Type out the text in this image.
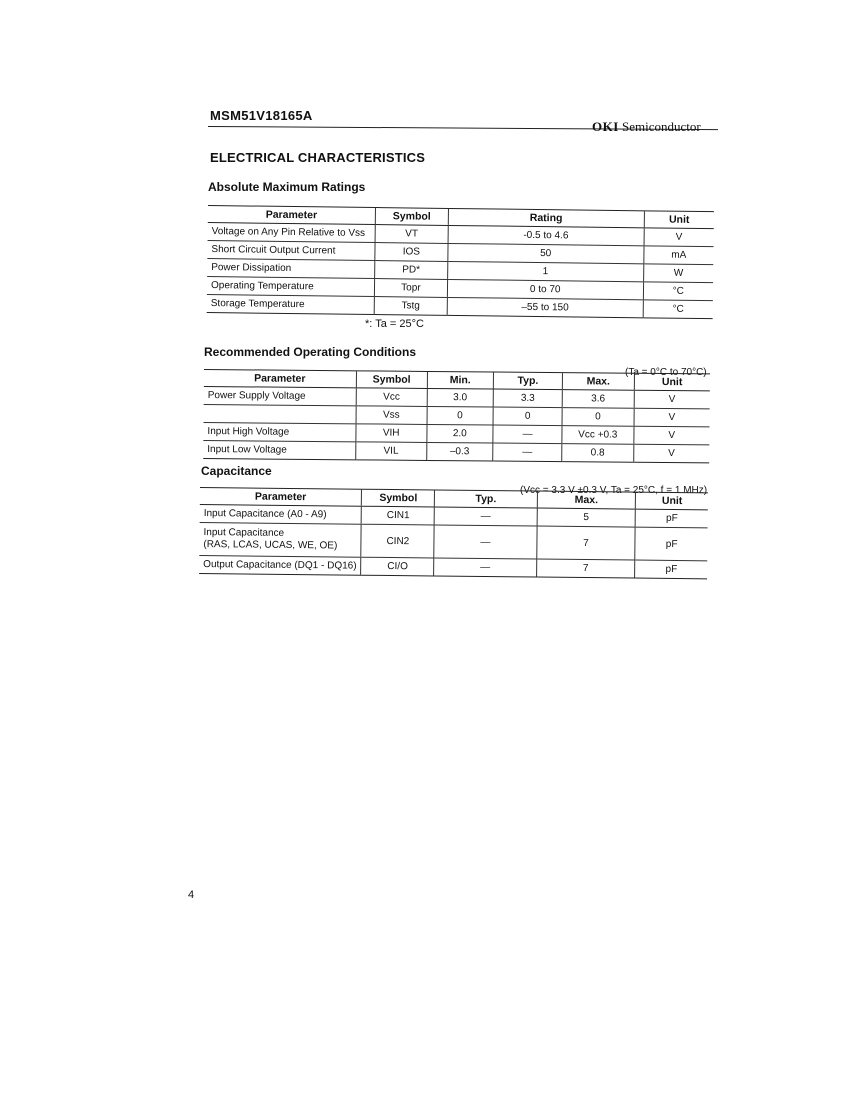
MSM51V18165A
OKI Semiconductor
ELECTRICAL CHARACTERISTICS
Absolute Maximum Ratings
Parameter	Symbol	Rating	Unit
Voltage on Any Pin Relative to Vss	VT	-0.5 to 4.6	V
Short Circuit Output Current	IOS	50	mA
Power Dissipation	PD*	1	W
Operating Temperature	Topr	0 to 70	°C
Storage Temperature	Tstg	–55 to 150	°C
*: Ta = 25°C
Recommended Operating Conditions
(Ta = 0°C to 70°C)
Parameter	Symbol	Min.	Typ.	Max.	Unit
Power Supply Voltage	Vcc	3.0	3.3	3.6	V
	Vss	0	0	0	V
Input High Voltage	VIH	2.0	—	Vcc +0.3	V
Input Low Voltage	VIL	–0.3	—	0.8	V
Capacitance
(Vcc = 3.3 V ±0.3 V, Ta = 25°C, f = 1 MHz)
Parameter	Symbol	Typ.	Max.	Unit
Input Capacitance (A0 - A9)	CIN1	—	5	pF

Input Capacitance
(RAS, LCAS, UCAS, WE, OE)	CIN2	—	7	pF
Output Capacitance (DQ1 - DQ16)	CI/O	—	7	pF
4
